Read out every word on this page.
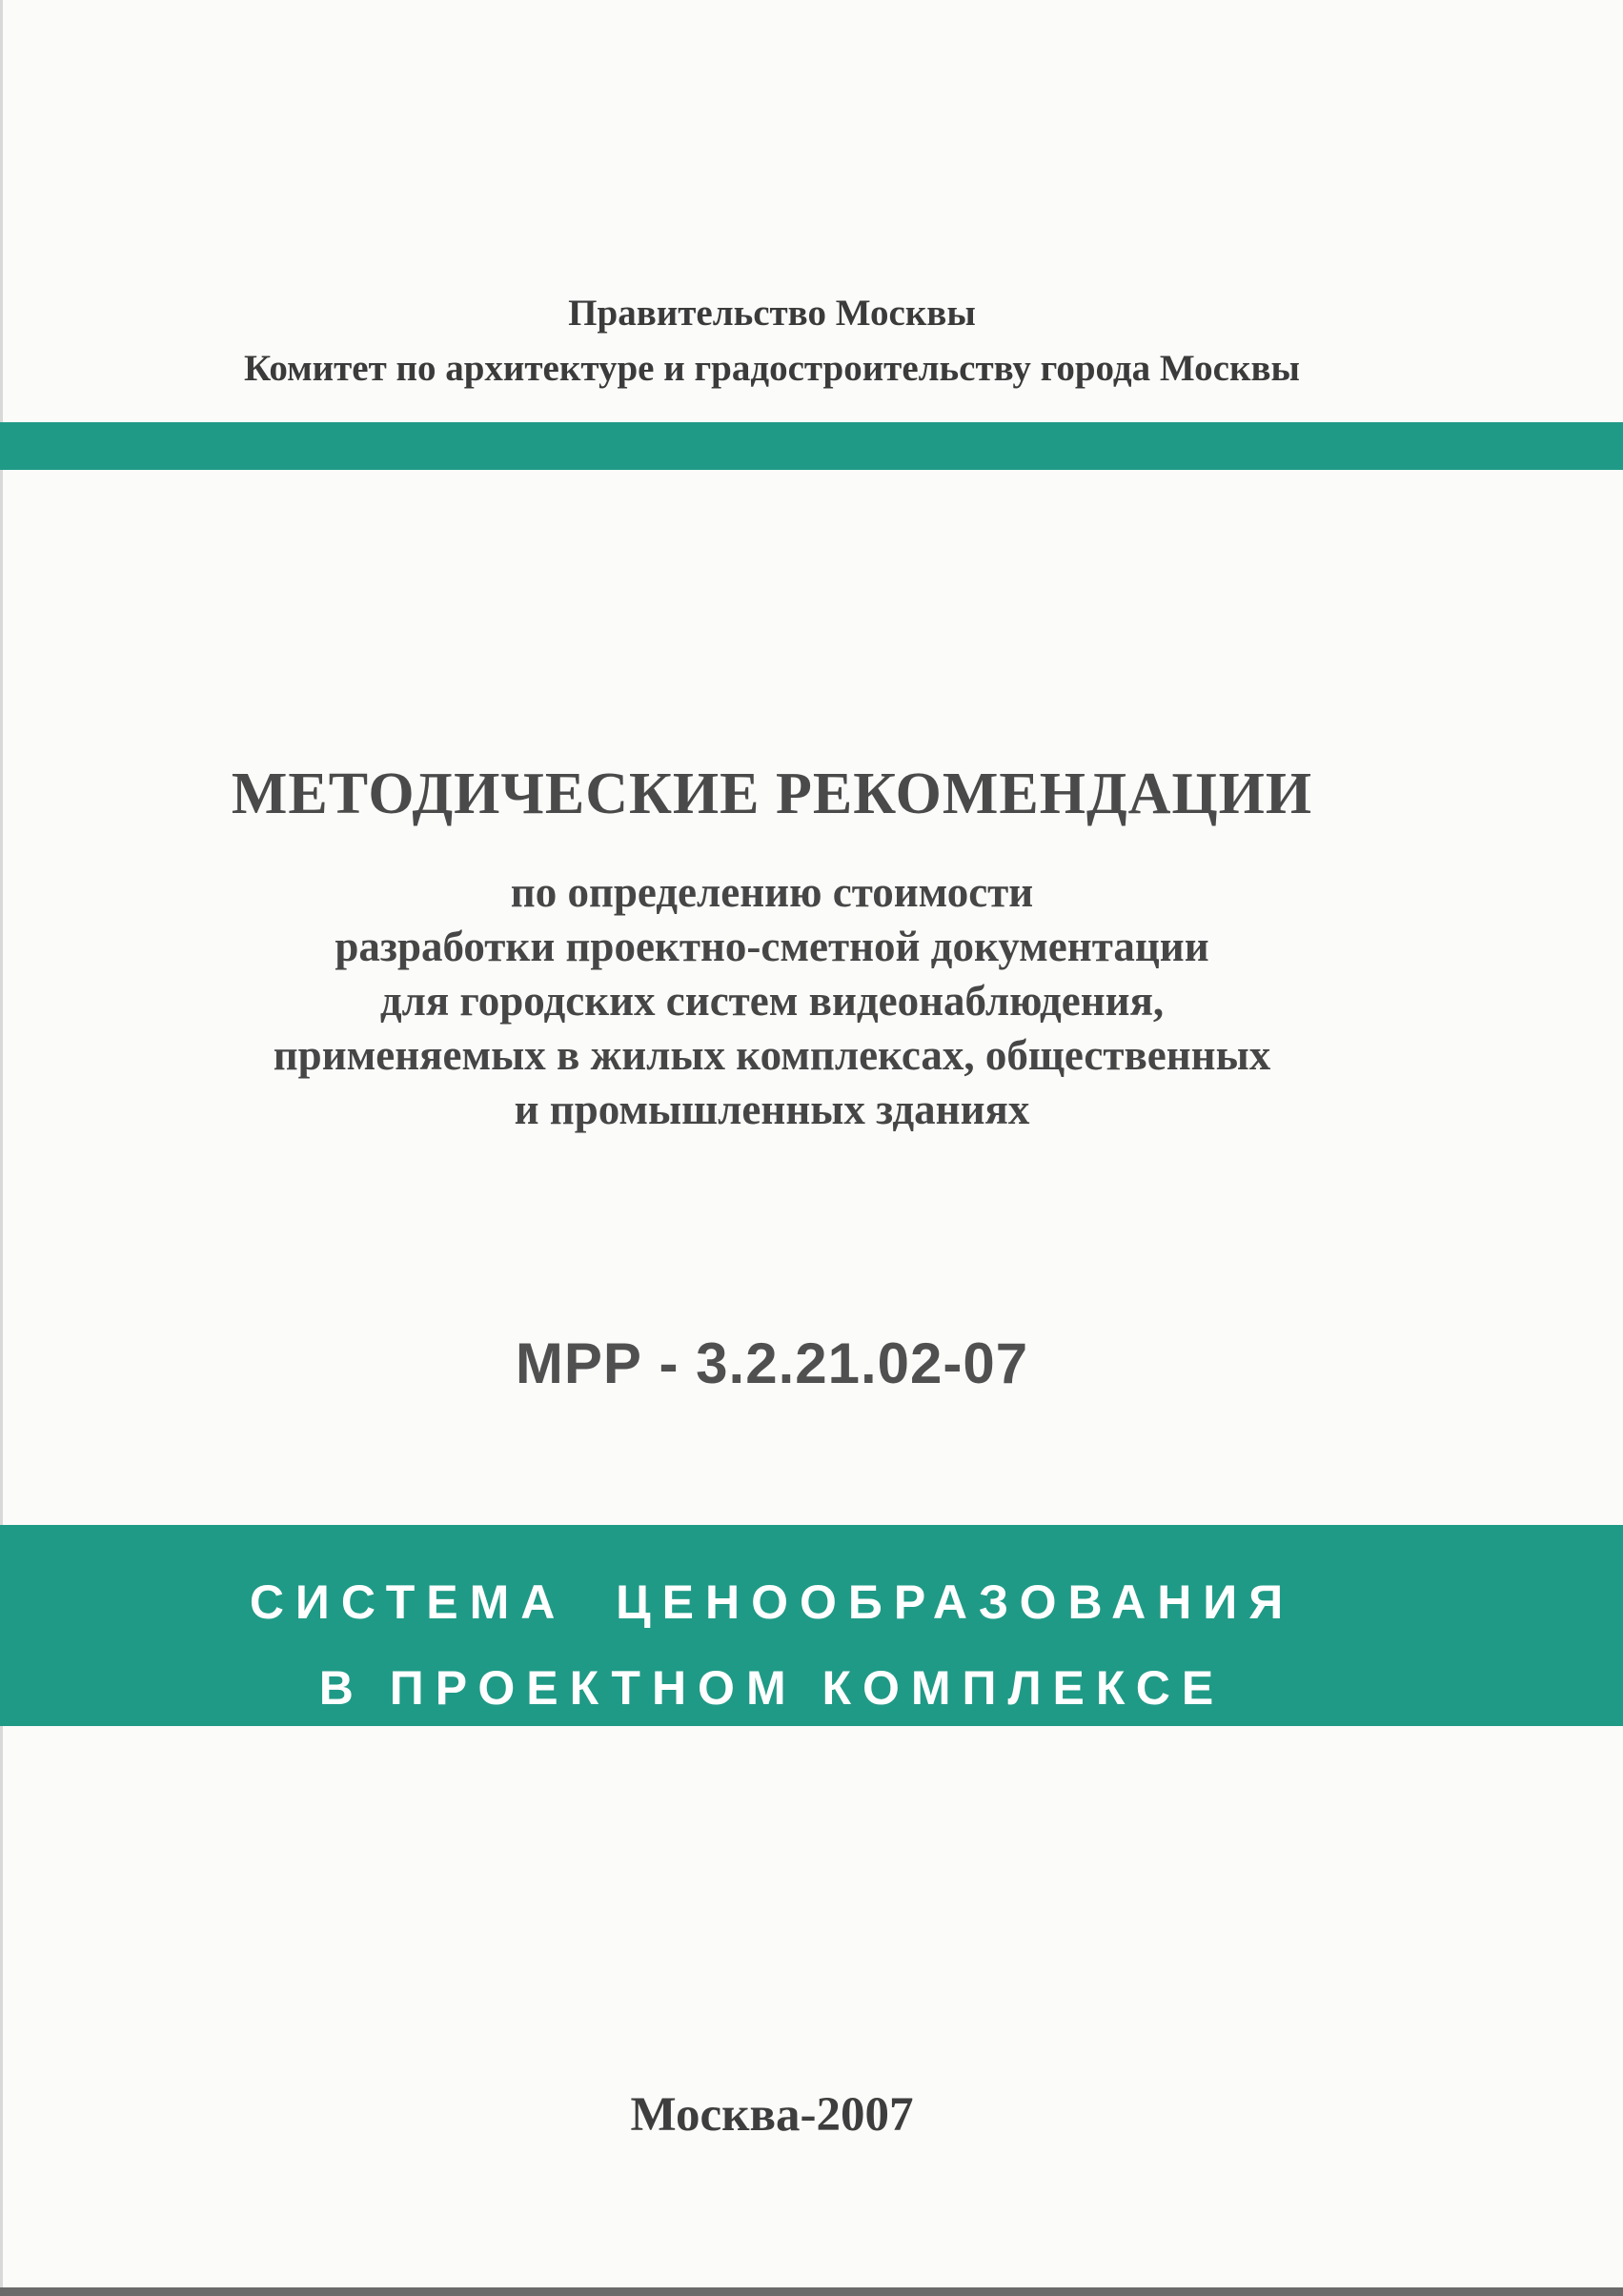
Правительство Москвы
Комитет по архитектуре и градостроительству города Москвы
МЕТОДИЧЕСКИЕ РЕКОМЕНДАЦИИ
по определению стоимости
разработки проектно-сметной документации
для городских систем видеонаблюдения,
применяемых в жилых комплексах, общественных
и промышленных зданиях
МРР - 3.2.21.02-07
СИСТЕМА  ЦЕНООБРАЗОВАНИЯ
В ПРОЕКТНОМ КОМПЛЕКСЕ
Москва-2007
